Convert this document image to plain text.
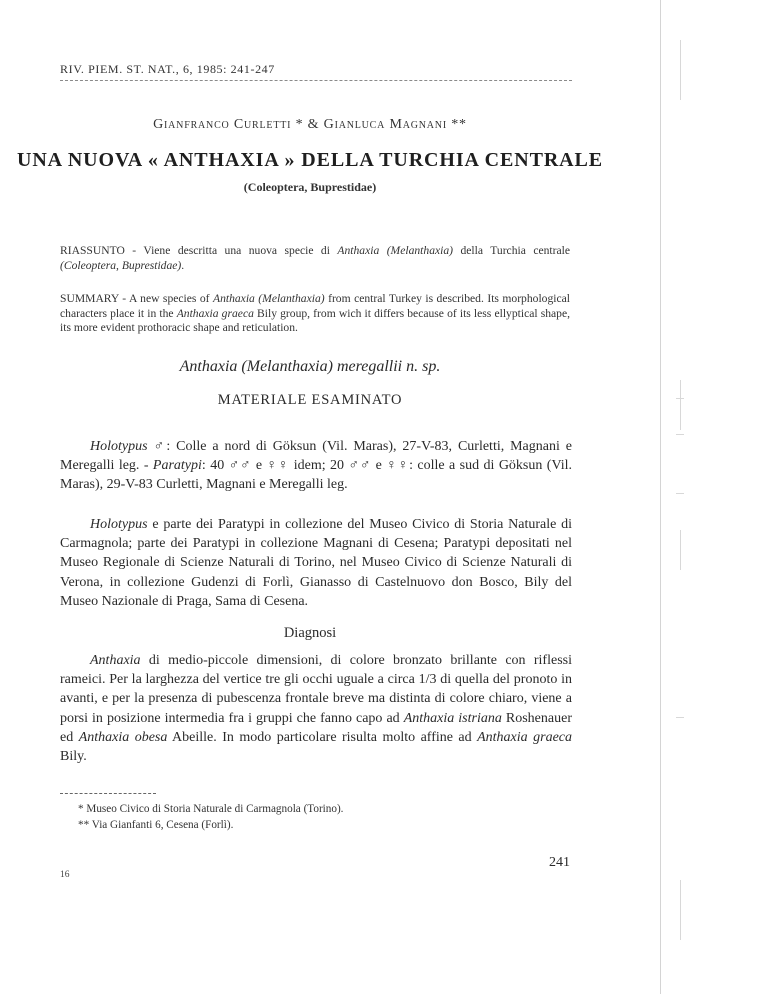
RIV. PIEM. ST. NAT., 6, 1985: 241-247
Gianfranco Curletti * & Gianluca Magnani **
UNA NUOVA « ANTHAXIA » DELLA TURCHIA CENTRALE
(Coleoptera, Buprestidae)
RIASSUNTO - Viene descritta una nuova specie di Anthaxia (Melanthaxia) della Turchia centrale (Coleoptera, Buprestidae).
SUMMARY - A new species of Anthaxia (Melanthaxia) from central Turkey is described. Its morphological characters place it in the Anthaxia graeca Bily group, from wich it differs because of its less ellyptical shape, its more evident prothoracic shape and reticulation.
Anthaxia (Melanthaxia) meregallii n. sp.
MATERIALE ESAMINATO
Holotypus ♂: Colle a nord di Göksun (Vil. Maras), 27-V-83, Curletti, Magnani e Meregalli leg. - Paratypi: 40 ♂♂ e ♀♀ idem; 20 ♂♂ e ♀♀: colle a sud di Göksun (Vil. Maras), 29-V-83 Curletti, Magnani e Meregalli leg.
Holotypus e parte dei Paratypi in collezione del Museo Civico di Storia Naturale di Carmagnola; parte dei Paratypi in collezione Magnani di Cesena; Paratypi depositati nel Museo Regionale di Scienze Naturali di Torino, nel Museo Civico di Scienze Naturali di Verona, in collezione Gudenzi di Forlì, Gianasso di Castelnuovo don Bosco, Bily del Museo Nazionale di Praga, Sama di Cesena.
Diagnosi
Anthaxia di medio-piccole dimensioni, di colore bronzato brillante con riflessi rameici. Per la larghezza del vertice tre gli occhi uguale a circa 1/3 di quella del pronoto in avanti, e per la presenza di pubescenza frontale breve ma distinta di colore chiaro, viene a porsi in posizione intermedia fra i gruppi che fanno capo ad Anthaxia istriana Roshenauer ed Anthaxia obesa Abeille. In modo particolare risulta molto affine ad Anthaxia graeca Bily.
* Museo Civico di Storia Naturale di Carmagnola (Torino).
** Via Gianfanti 6, Cesena (Forlì).
241
16
